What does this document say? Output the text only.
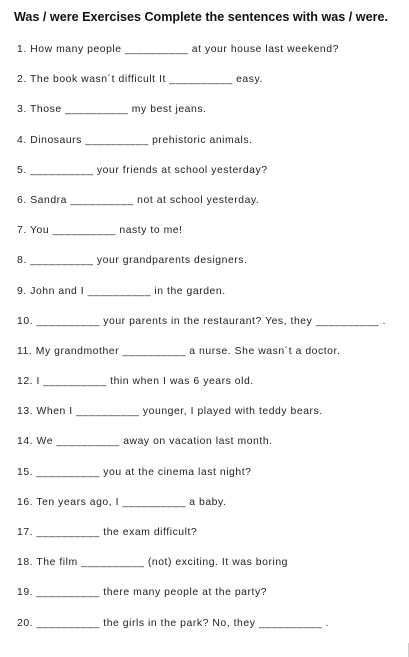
Was / were Exercises Complete the sentences with was / were.
1. How many people __________ at your house last weekend?
2. The book wasn´t difficult It __________ easy.
3. Those __________ my best jeans.
4. Dinosaurs __________ prehistoric animals.
5. __________ your friends at school yesterday?
6. Sandra __________ not at school yesterday.
7. You __________ nasty to me!
8. __________ your grandparents designers.
9. John and I __________ in the garden.
10. __________ your parents in the restaurant? Yes, they __________ .
11. My grandmother __________ a nurse. She wasn´t a doctor.
12. I __________ thin when I was 6 years old.
13. When I __________ younger, I played with teddy bears.
14. We __________ away on vacation last month.
15. __________ you at the cinema last night?
16. Ten years ago, I __________ a baby.
17. __________ the exam difficult?
18. The film __________ (not) exciting. It was boring
19. __________ there many people at the party?
20. __________ the girls in the park? No, they __________ .
